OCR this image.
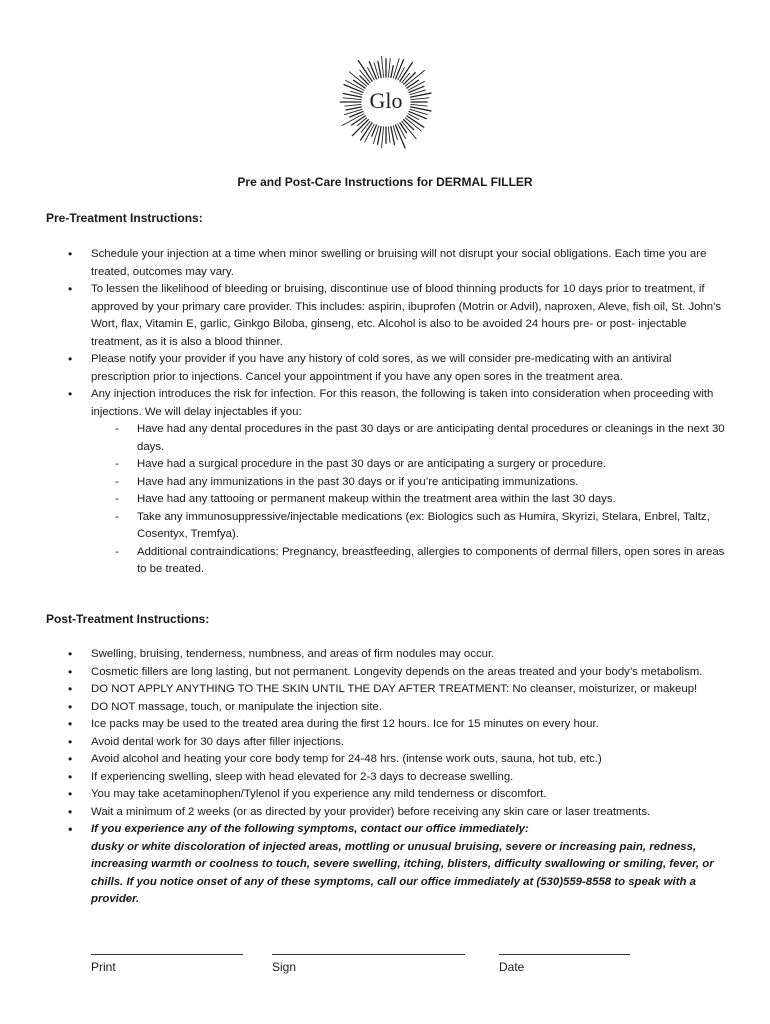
Glo
Pre and Post-Care Instructions for DERMAL FILLER
Pre-Treatment Instructions:
• Schedule your injection at a time when minor swelling or bruising will not disrupt your social obligations. Each time you are treated, outcomes may vary.
• To lessen the likelihood of bleeding or bruising, discontinue use of blood thinning products for 10 days prior to treatment, if approved by your primary care provider. This includes: aspirin, ibuprofen (Motrin or Advil), naproxen, Aleve, fish oil, St. John's Wort, flax, Vitamin E, garlic, Ginkgo Biloba, ginseng, etc. Alcohol is also to be avoided 24 hours pre- or post- injectable treatment, as it is also a blood thinner.
• Please notify your provider if you have any history of cold sores, as we will consider pre-medicating with an antiviral prescription prior to injections. Cancel your appointment if you have any open sores in the treatment area.
• Any injection introduces the risk for infection. For this reason, the following is taken into consideration when proceeding with injections. We will delay injectables if you:
- Have had any dental procedures in the past 30 days or are anticipating dental procedures or cleanings in the next 30 days.
- Have had a surgical procedure in the past 30 days or are anticipating a surgery or procedure.
- Have had any immunizations in the past 30 days or if you’re anticipating immunizations.
- Have had any tattooing or permanent makeup within the treatment area within the last 30 days.
- Take any immunosuppressive/injectable medications (ex: Biologics such as Humira, Skyrizi, Stelara, Enbrel, Taltz, Cosentyx, Tremfya).
- Additional contraindications: Pregnancy, breastfeeding, allergies to components of dermal fillers, open sores in areas to be treated.
Post-Treatment Instructions:
• Swelling, bruising, tenderness, numbness, and areas of firm nodules may occur.
• Cosmetic fillers are long lasting, but not permanent. Longevity depends on the areas treated and your body’s metabolism.
• DO NOT APPLY ANYTHING TO THE SKIN UNTIL THE DAY AFTER TREATMENT: No cleanser, moisturizer, or makeup!
• DO NOT massage, touch, or manipulate the injection site.
• Ice packs may be used to the treated area during the first 12 hours. Ice for 15 minutes on every hour.
• Avoid dental work for 30 days after filler injections.
• Avoid alcohol and heating your core body temp for 24-48 hrs. (intense work outs, sauna, hot tub, etc.)
• If experiencing swelling, sleep with head elevated for 2-3 days to decrease swelling.
• You may take acetaminophen/Tylenol if you experience any mild tenderness or discomfort.
• Wait a minimum of 2 weeks (or as directed by your provider) before receiving any skin care or laser treatments.
• If you experience any of the following symptoms, contact our office immediately:
dusky or white discoloration of injected areas, mottling or unusual bruising, severe or increasing pain, redness, increasing warmth or coolness to touch, severe swelling, itching, blisters, difficulty swallowing or smiling, fever, or chills. If you notice onset of any of these symptoms, call our office immediately at (530)559-8558 to speak with a provider.
Print	Sign	Date
